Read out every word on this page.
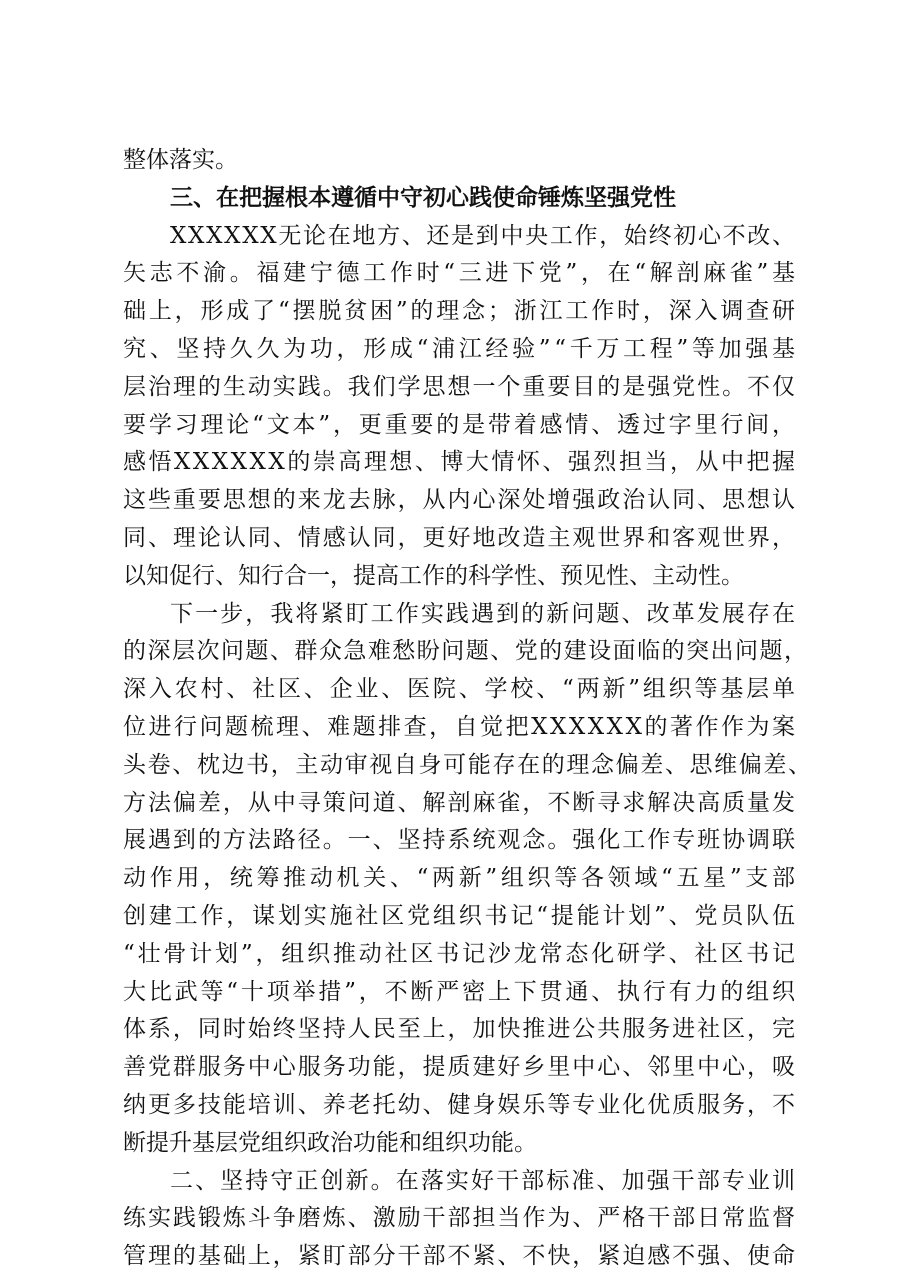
整体落实。
三、在把握根本遵循中守初心践使命锤炼坚强党性
XXXXXX无论在地方、还是到中央工作，始终初心不改、
矢志不渝。福建宁德工作时“三进下党”，在“解剖麻雀”基
础上，形成了“摆脱贫困”的理念；浙江工作时，深入调查研
究、坚持久久为功，形成“浦江经验”“千万工程”等加强基
层治理的生动实践。我们学思想一个重要目的是强党性。不仅
要学习理论“文本”，更重要的是带着感情、透过字里行间，
感悟XXXXXX的崇高理想、博大情怀、强烈担当，从中把握
这些重要思想的来龙去脉，从内心深处增强政治认同、思想认
同、理论认同、情感认同，更好地改造主观世界和客观世界，
以知促行、知行合一，提高工作的科学性、预见性、主动性。
下一步，我将紧盯工作实践遇到的新问题、改革发展存在
的深层次问题、群众急难愁盼问题、党的建设面临的突出问题，
深入农村、社区、企业、医院、学校、“两新”组织等基层单
位进行问题梳理、难题排查，自觉把XXXXXX的著作作为案
头卷、枕边书，主动审视自身可能存在的理念偏差、思维偏差、
方法偏差，从中寻策问道、解剖麻雀，不断寻求解决高质量发
展遇到的方法路径。一、坚持系统观念。强化工作专班协调联
动作用，统筹推动机关、“两新”组织等各领域“五星”支部
创建工作，谋划实施社区党组织书记“提能计划”、党员队伍
“壮骨计划”，组织推动社区书记沙龙常态化研学、社区书记
大比武等“十项举措”，不断严密上下贯通、执行有力的组织
体系，同时始终坚持人民至上，加快推进公共服务进社区，完
善党群服务中心服务功能，提质建好乡里中心、邻里中心，吸
纳更多技能培训、养老托幼、健身娱乐等专业化优质服务，不
断提升基层党组织政治功能和组织功能。
二、坚持守正创新。在落实好干部标准、加强干部专业训
练实践锻炼斗争磨炼、激励干部担当作为、严格干部日常监督
管理的基础上，紧盯部分干部不紧、不快，紧迫感不强、使命
